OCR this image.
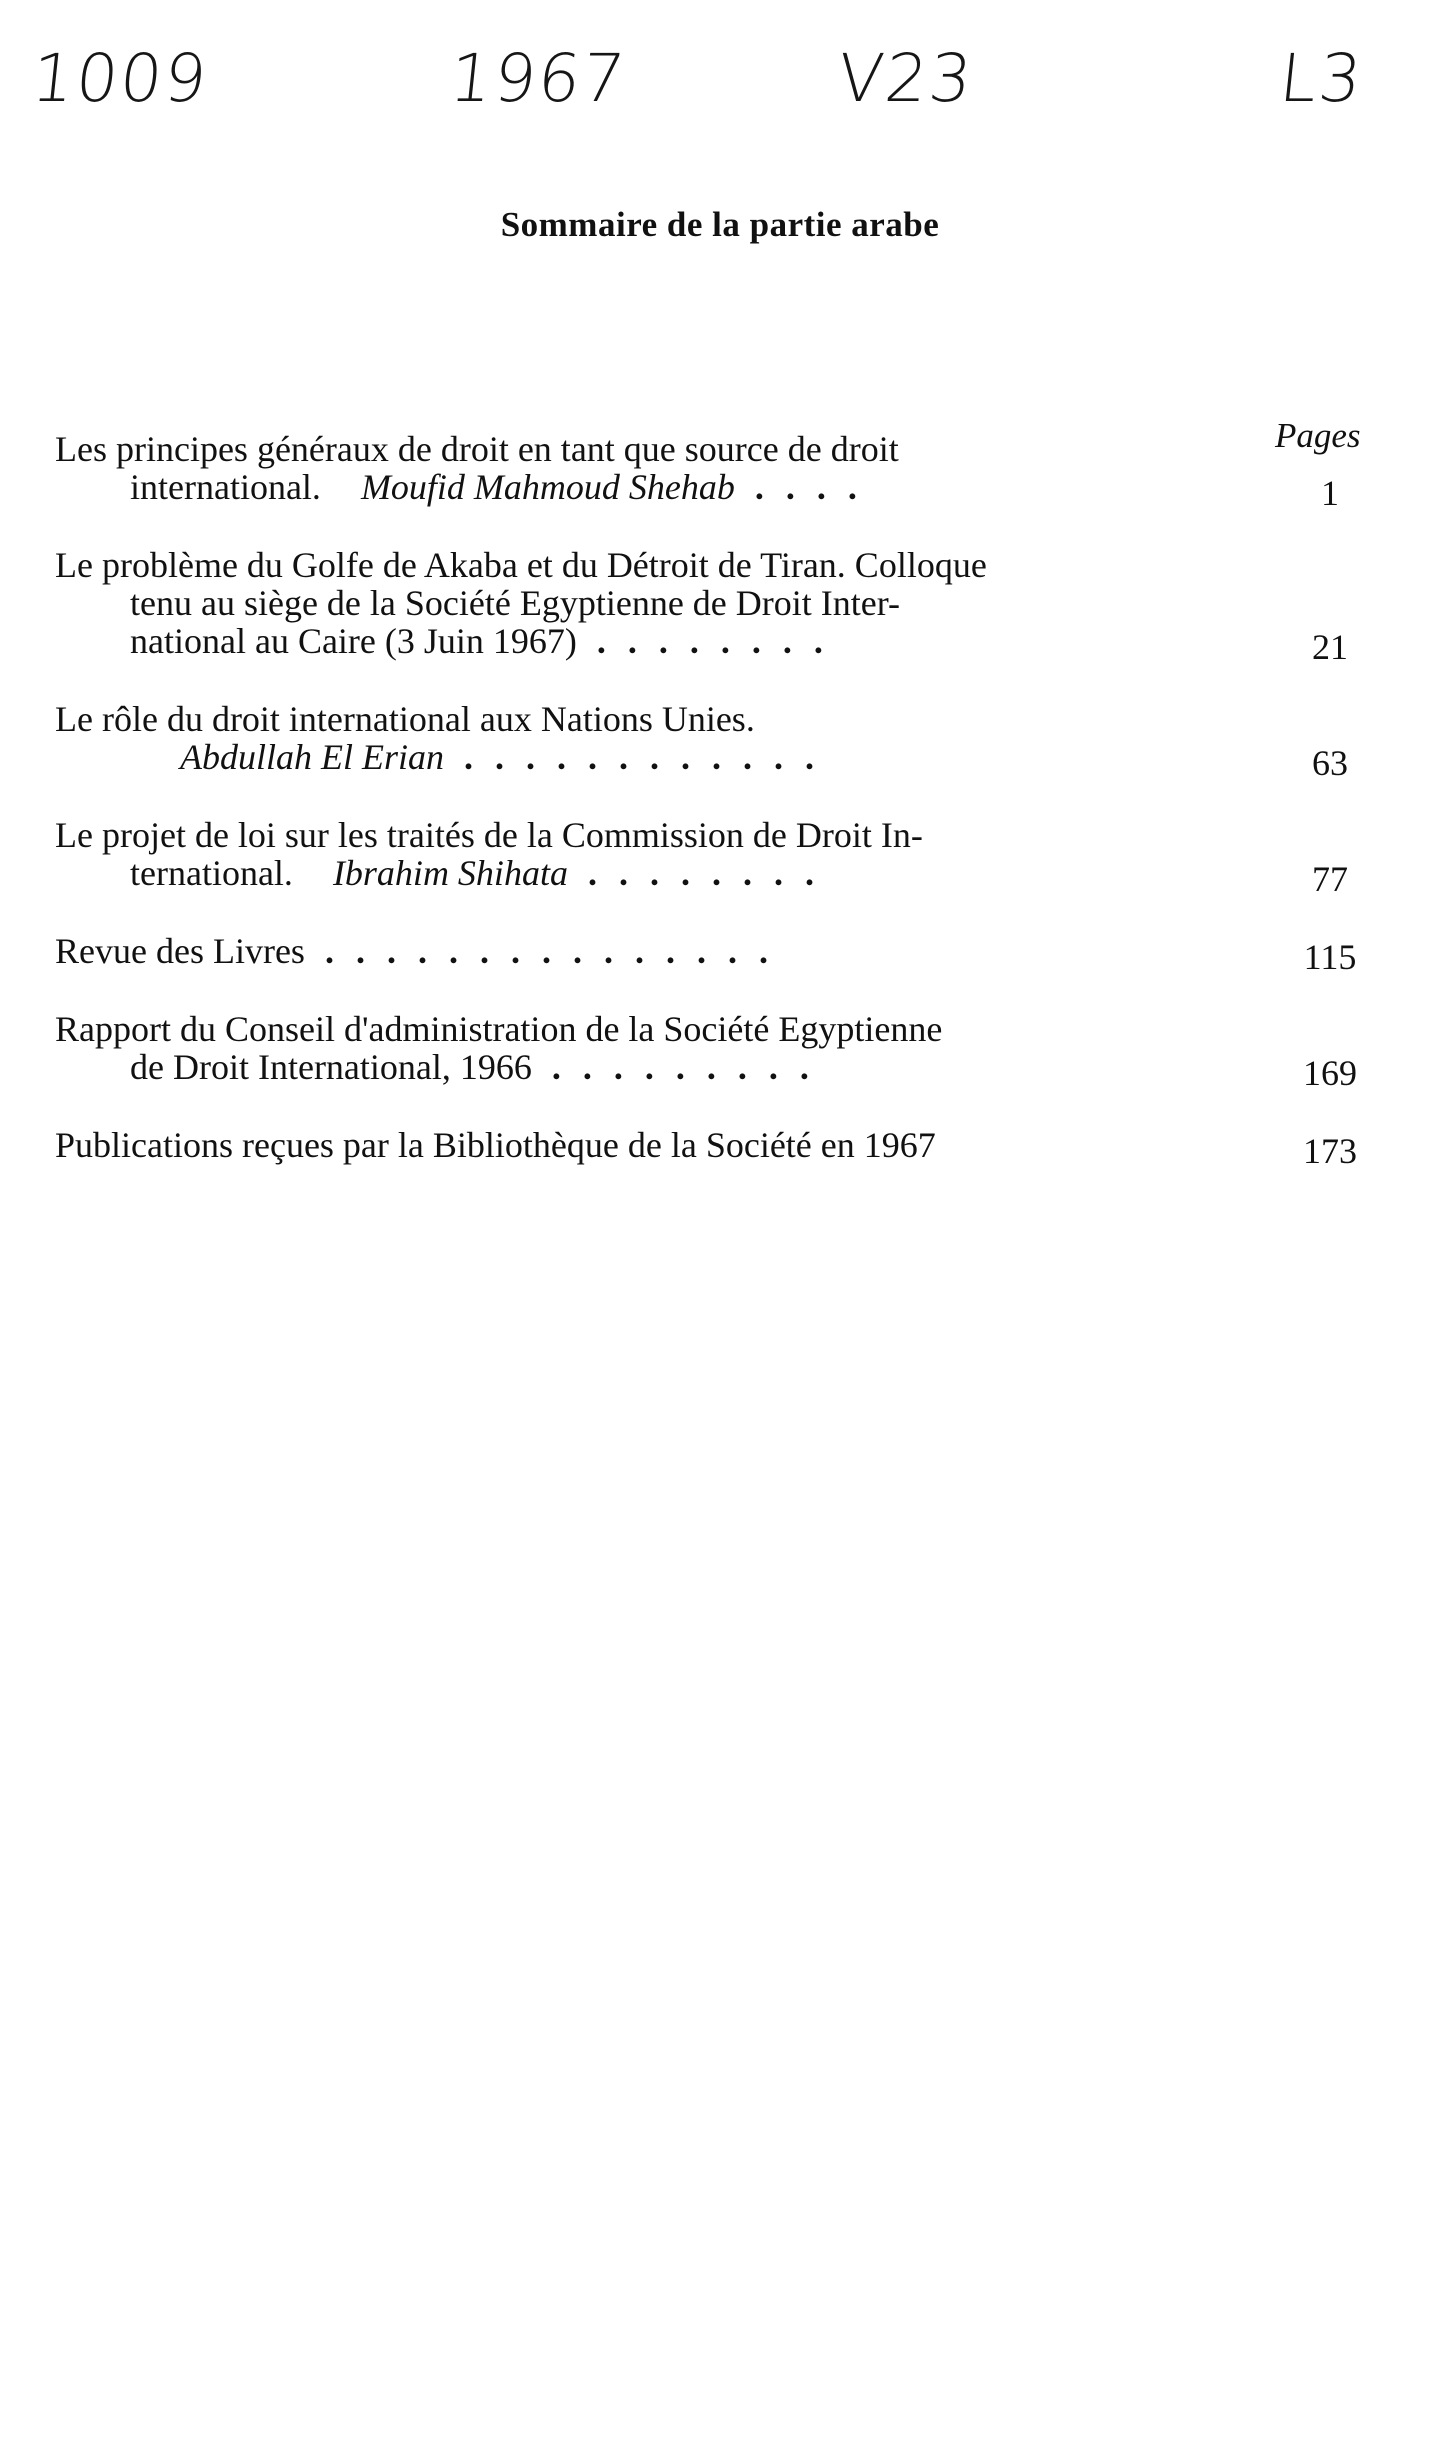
1009	1967	V23	L3
Sommaire de la partie arabe
Pages
Les principes généraux de droit en tant que source de droit
international. Moufid Mahmoud Shehab ....	1
Le problème du Golfe de Akaba et du Détroit de Tiran. Colloque
tenu au siège de la Société Egyptienne de Droit Inter-
national au Caire (3 Juin 1967) ........	21
Le rôle du droit international aux Nations Unies.
Abdullah El Erian ............	63
Le projet de loi sur les traités de la Commission de Droit In-
ternational. Ibrahim Shihata ........	77
Revue des Livres ...............	115
Rapport du Conseil d'administration de la Société Egyptienne
de Droit International, 1966 .........	169
Publications reçues par la Bibliothèque de la Société en 1967	173
